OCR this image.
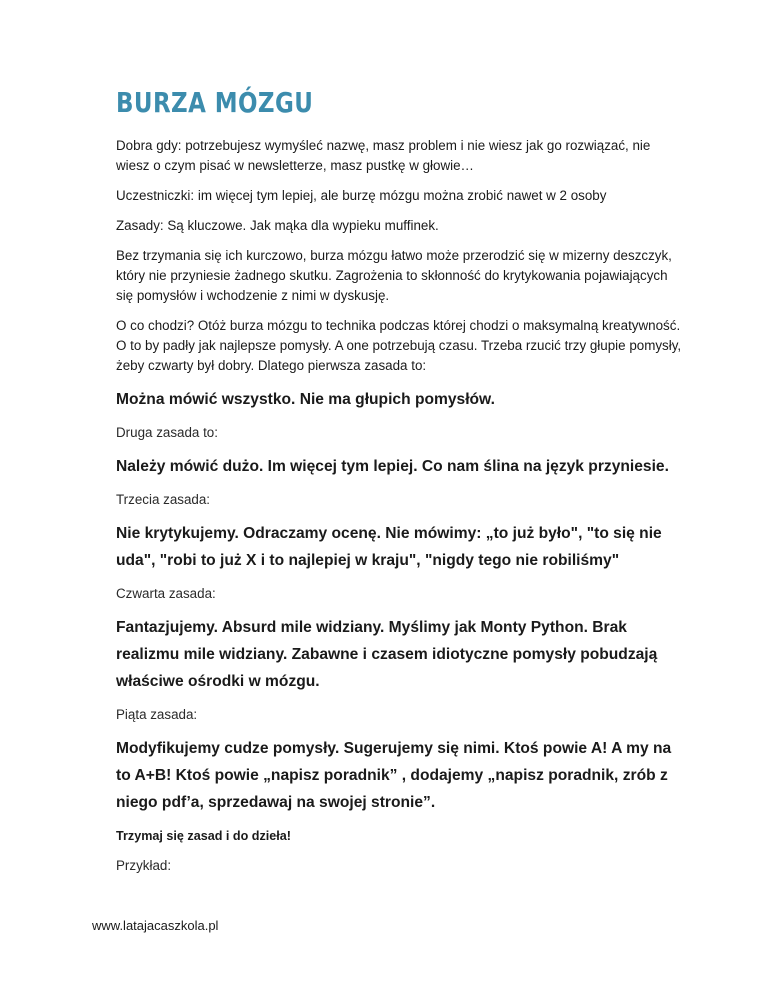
BURZA MÓZGU

Dobra gdy: potrzebujesz wymyśleć nazwę, masz problem i nie wiesz jak go rozwiązać, nie wiesz o czym pisać w newsletterze, masz pustkę w głowie…

Uczestniczki: im więcej tym lepiej, ale burzę mózgu można zrobić nawet w 2 osoby

Zasady: Są kluczowe. Jak mąka dla wypieku muffinek.

Bez trzymania się ich kurczowo, burza mózgu łatwo może przerodzić się w mizerny deszczyk, który nie przyniesie żadnego skutku. Zagrożenia to skłonność do krytykowania pojawiających się pomysłów i wchodzenie z nimi w dyskusję.

O co chodzi? Otóż burza mózgu to technika podczas której chodzi o maksymalną kreatywność. O to by padły jak najlepsze pomysły. A one potrzebują czasu. Trzeba rzucić trzy głupie pomysły, żeby czwarty był dobry. Dlatego pierwsza zasada to:

Można mówić wszystko. Nie ma głupich pomysłów.

Druga zasada to:

Należy mówić dużo. Im więcej tym lepiej. Co nam ślina na język przyniesie.

Trzecia zasada:

Nie krytykujemy. Odraczamy ocenę. Nie mówimy: „to już było", "to się nie uda", "robi to już X i to najlepiej w kraju", "nigdy tego nie robiliśmy"

Czwarta zasada:

Fantazjujemy. Absurd mile widziany. Myślimy jak Monty Python. Brak realizmu mile widziany. Zabawne i czasem idiotyczne pomysły pobudzają właściwe ośrodki w mózgu.

Piąta zasada:

Modyfikujemy cudze pomysły. Sugerujemy się nimi. Ktoś powie A! A my na to A+B! Ktoś powie „napisz poradnik” , dodajemy „napisz poradnik, zrób z niego pdf’a, sprzedawaj na swojej stronie”.

Trzymaj się zasad i do dzieła!

Przykład:

www.latajacaszkola.pl
